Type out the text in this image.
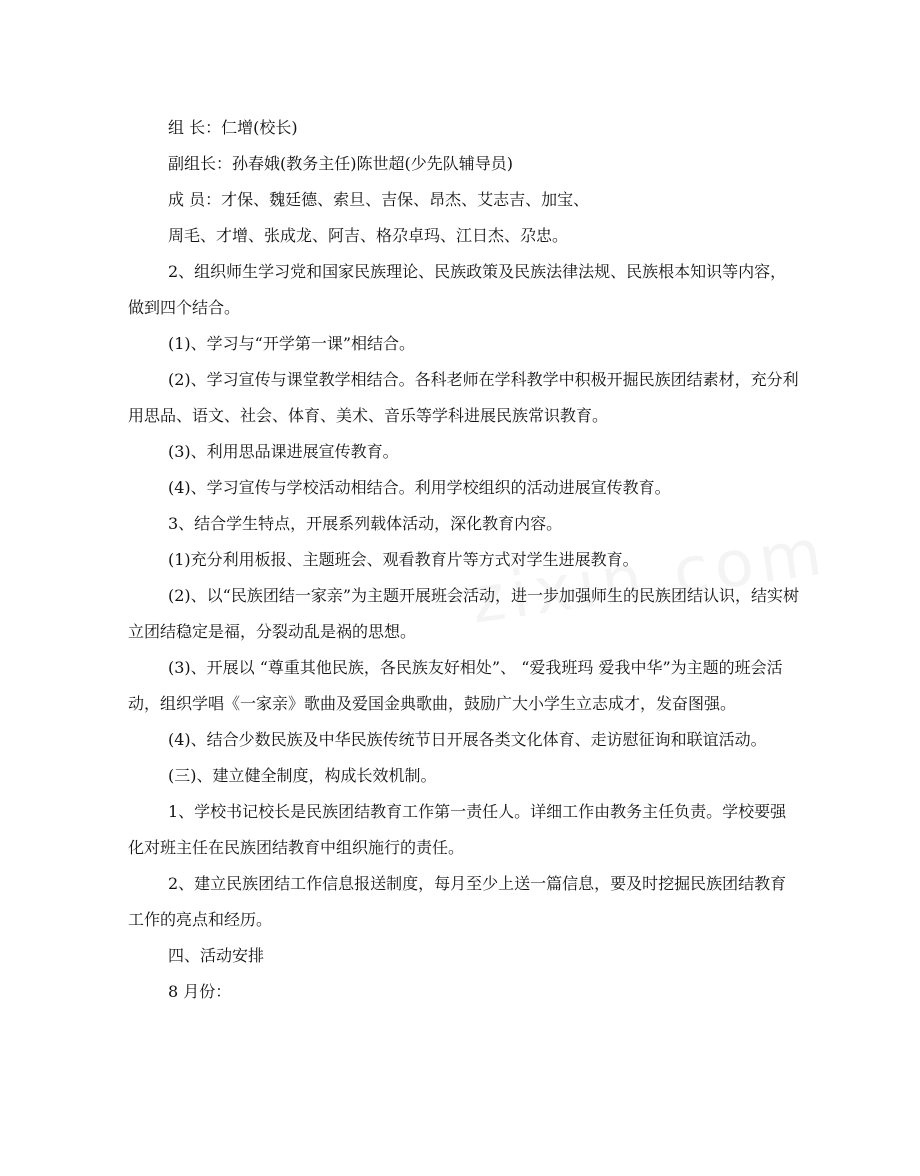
组 长：仁增(校长)

副组长：孙春娥(教务主任)陈世超(少先队辅导员)

成 员：才保、魏廷德、索旦、吉保、昂杰、艾志吉、加宝、

周毛、才增、张成龙、阿吉、格尕卓玛、江日杰、尕忠。

2、组织师生学习党和国家民族理论、民族政策及民族法律法规、民族根本知识等内容，做到四个结合。

(1)、学习与“开学第一课”相结合。

(2)、学习宣传与课堂教学相结合。各科老师在学科教学中积极开掘民族团结素材，充分利用思品、语文、社会、体育、美术、音乐等学科进展民族常识教育。

(3)、利用思品课进展宣传教育。

(4)、学习宣传与学校活动相结合。利用学校组织的活动进展宣传教育。

3、结合学生特点，开展系列载体活动，深化教育内容。

(1)充分利用板报、主题班会、观看教育片等方式对学生进展教育。

(2)、以“民族团结一家亲”为主题开展班会活动，进一步加强师生的民族团结认识，结实树立团结稳定是福，分裂动乱是祸的思想。

(3)、开展以 “尊重其他民族，各民族友好相处”、 “爱我班玛 爱我中华”为主题的班会活动，组织学唱《一家亲》歌曲及爱国金典歌曲，鼓励广大小学生立志成才，发奋图强。

(4)、结合少数民族及中华民族传统节日开展各类文化体育、走访慰征询和联谊活动。

(三)、建立健全制度，构成长效机制。

1、学校书记校长是民族团结教育工作第一责任人。详细工作由教务主任负责。学校要强化对班主任在民族团结教育中组织施行的责任。

2、建立民族团结工作信息报送制度，每月至少上送一篇信息，要及时挖掘民族团结教育工作的亮点和经历。

四、活动安排

8 月份：
